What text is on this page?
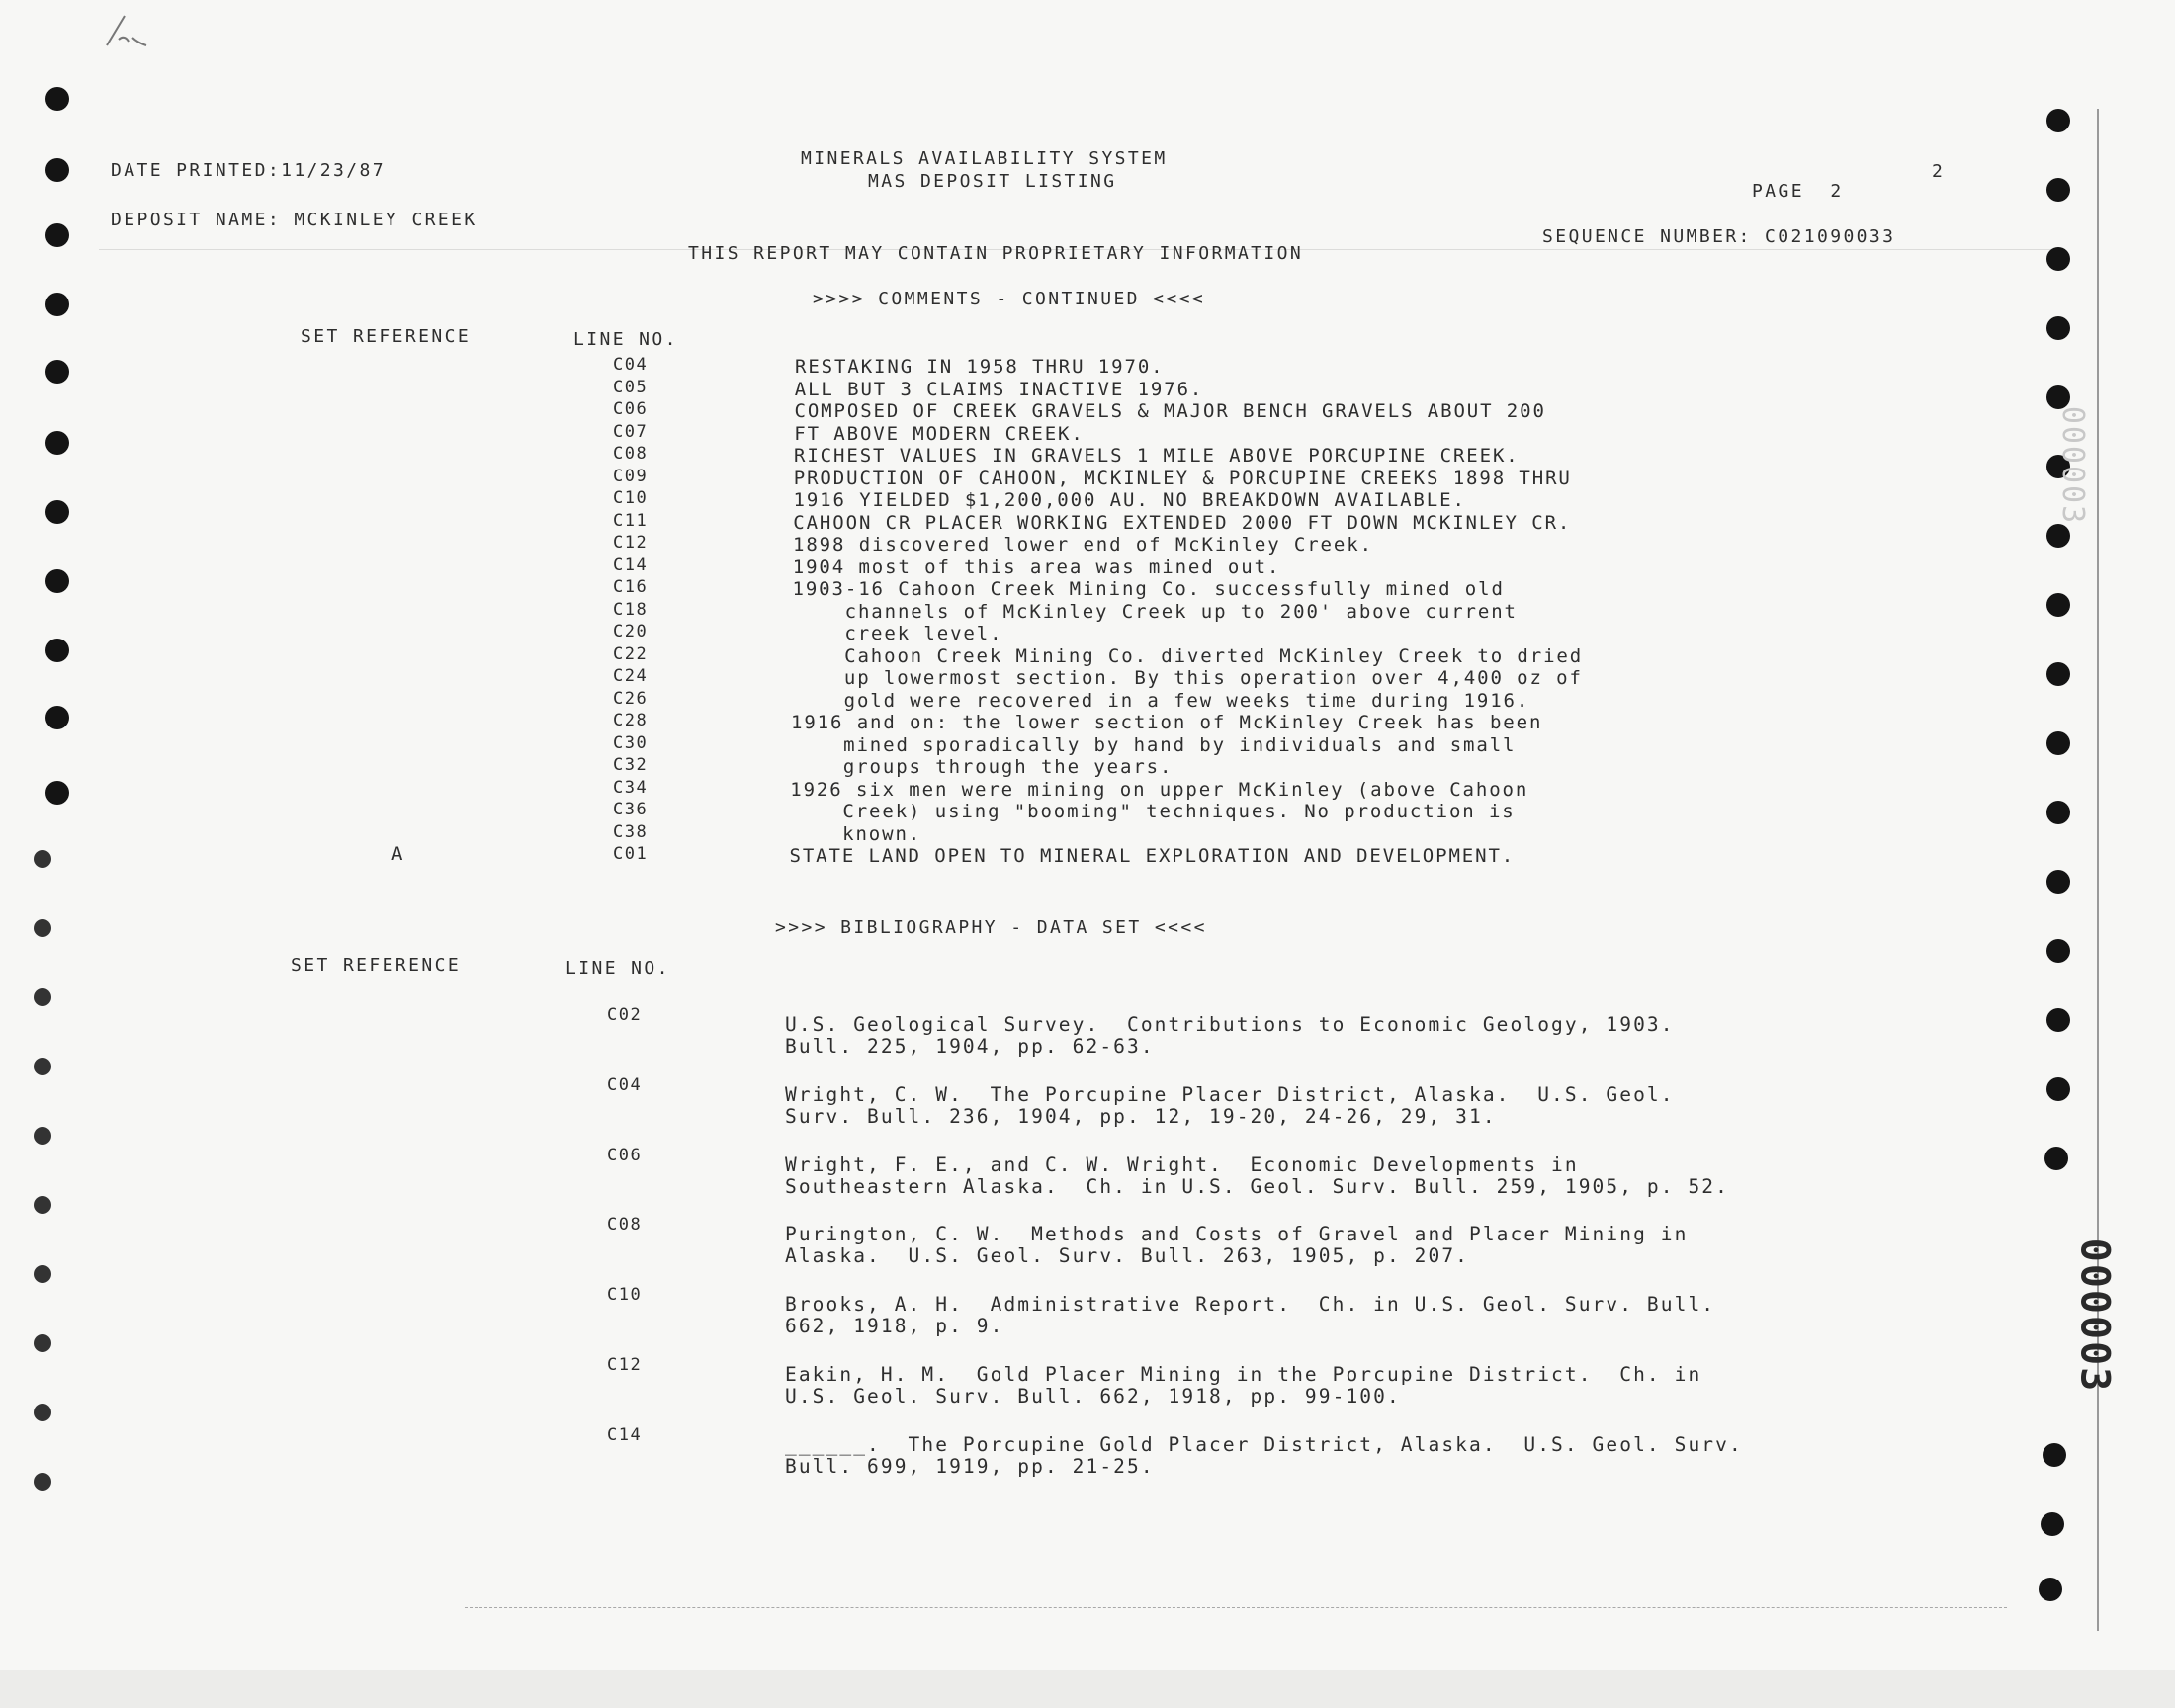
DATE PRINTED:11/23/87
MINERALS AVAILABILITY SYSTEM
MAS DEPOSIT LISTING	PAGE  2
2
DEPOSIT NAME: MCKINLEY CREEK
SEQUENCE NUMBER: C021090033
THIS REPORT MAY CONTAIN PROPRIETARY INFORMATION
>>>> COMMENTS - CONTINUED <<<<
SET REFERENCE	LINE NO.
C04	RESTAKING IN 1958 THRU 1970.
C05	ALL BUT 3 CLAIMS INACTIVE 1976.
C06	COMPOSED OF CREEK GRAVELS & MAJOR BENCH GRAVELS ABOUT 200
C07	FT ABOVE MODERN CREEK.
C08	RICHEST VALUES IN GRAVELS 1 MILE ABOVE PORCUPINE CREEK.
C09	PRODUCTION OF CAHOON, MCKINLEY & PORCUPINE CREEKS 1898 THRU
C10	1916 YIELDED $1,200,000 AU. NO BREAKDOWN AVAILABLE.
C11	CAHOON CR PLACER WORKING EXTENDED 2000 FT DOWN MCKINLEY CR.
C12	1898 discovered lower end of McKinley Creek.
C14	1904 most of this area was mined out.
C16	1903-16 Cahoon Creek Mining Co. successfully mined old
C18	channels of McKinley Creek up to 200' above current
C20	creek level.
C22	Cahoon Creek Mining Co. diverted McKinley Creek to dried
C24	up lowermost section. By this operation over 4,400 oz of
C26	gold were recovered in a few weeks time during 1916.
C28	1916 and on: the lower section of McKinley Creek has been
C30	mined sporadically by hand by individuals and small
C32	groups through the years.
C34	1926 six men were mining on upper McKinley (above Cahoon
C36	Creek) using "booming" techniques. No production is
C38	known.
A	C01	STATE LAND OPEN TO MINERAL EXPLORATION AND DEVELOPMENT.
>>>> BIBLIOGRAPHY - DATA SET <<<<
SET REFERENCE	LINE NO.
C02	U.S. Geological Survey.  Contributions to Economic Geology, 1903.
Bull. 225, 1904, pp. 62-63.
C04	Wright, C. W.  The Porcupine Placer District, Alaska.  U.S. Geol.
Surv. Bull. 236, 1904, pp. 12, 19-20, 24-26, 29, 31.
C06	Wright, F. E., and C. W. Wright.  Economic Developments in
Southeastern Alaska.  Ch. in U.S. Geol. Surv. Bull. 259, 1905, p. 52.
C08	Purington, C. W.  Methods and Costs of Gravel and Placer Mining in
Alaska.  U.S. Geol. Surv. Bull. 263, 1905, p. 207.
C10	Brooks, A. H.  Administrative Report.  Ch. in U.S. Geol. Surv. Bull.
662, 1918, p. 9.
C12	Eakin, H. M.  Gold Placer Mining in the Porcupine District.  Ch. in
U.S. Geol. Surv. Bull. 662, 1918, pp. 99-100.
C14	______.  The Porcupine Gold Placer District, Alaska.  U.S. Geol. Surv.
Bull. 699, 1919, pp. 21-25.
000003
000003
